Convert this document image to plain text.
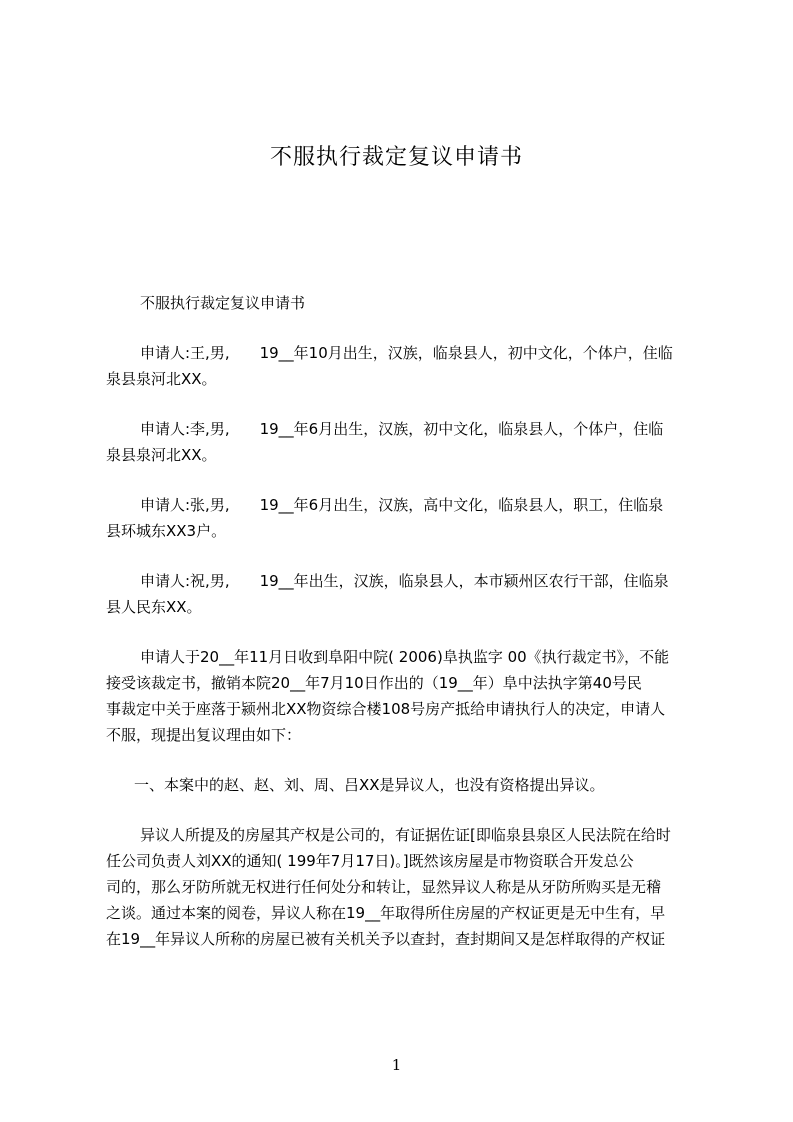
不服执行裁定复议申请书

不服执行裁定复议申请书

申请人:王,男,　　19__年10月出生，汉族，临泉县人，初中文化，个体户，住临
泉县泉河北XX。

申请人:李,男,　　19__年6月出生，汉族，初中文化，临泉县人，个体户，住临
泉县泉河北XX。

申请人:张,男,　　19__年6月出生，汉族，高中文化，临泉县人，职工，住临泉
县环城东XX3户。

申请人:祝,男,　　19__年出生，汉族，临泉县人，本市颍州区农行干部，住临泉
县人民东XX。

申请人于20__年11月日收到阜阳中院( 2006)阜执监字 00《执行裁定书》，不能
接受该裁定书，撤销本院20__年7月10日作出的（19__年）阜中法执字第40号民
事裁定中关于座落于颍州北XX物资综合楼108号房产抵给申请执行人的决定，申请人
不服，现提出复议理由如下：

一、本案中的赵、赵、刘、周、吕XX是异议人，也没有资格提出异议。

异议人所提及的房屋其产权是公司的，有证据佐证[即临泉县泉区人民法院在给时
任公司负责人刘XX的通知( 199年7月17日)。]既然该房屋是市物资联合开发总公
司的，那么牙防所就无权进行任何处分和转让，显然异议人称是从牙防所购买是无稽
之谈。通过本案的阅卷，异议人称在19__年取得所住房屋的产权证更是无中生有，早
在19__年异议人所称的房屋已被有关机关予以查封，查封期间又是怎样取得的产权证

1
